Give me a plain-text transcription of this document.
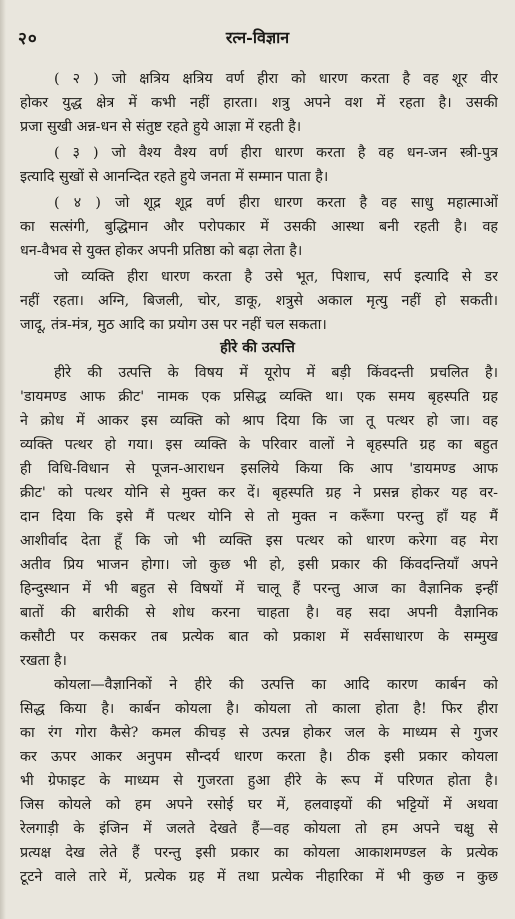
२०	रत्न-विज्ञान
( २ ) जो क्षत्रिय क्षत्रिय वर्ण हीरा को धारण करता है वह शूर वीर
होकर युद्ध क्षेत्र में कभी नहीं हारता। शत्रु अपने वश में रहता है। उसकी
प्रजा सुखी अन्न-धन से संतुष्ट रहते हुये आज्ञा में रहती है।
( ३ ) जो वैश्य वैश्य वर्ण हीरा धारण करता है वह धन-जन स्त्री-पुत्र
इत्यादि सुखों से आनन्दित रहते हुये जनता में सम्मान पाता है।
( ४ ) जो शूद्र शूद्र वर्ण हीरा धारण करता है वह साधु महात्माओं
का सत्संगी, बुद्धिमान और परोपकार में उसकी आस्था बनी रहती है। वह
धन-वैभव से युक्त होकर अपनी प्रतिष्ठा को बढ़ा लेता है।
जो व्यक्ति हीरा धारण करता है उसे भूत, पिशाच, सर्प इत्यादि से डर
नहीं रहता। अग्नि, बिजली, चोर, डाकू, शत्रुसे अकाल मृत्यु नहीं हो सकती।
जादू, तंत्र-मंत्र, मुठ आदि का प्रयोग उस पर नहीं चल सकता।
हीरे की उत्पत्ति
हीरे की उत्पत्ति के विषय में यूरोप में बड़ी किंवदन्ती प्रचलित है।
'डायमण्ड आफ क्रीट' नामक एक प्रसिद्ध व्यक्ति था। एक समय बृहस्पति ग्रह
ने क्रोध में आकर इस व्यक्ति को श्राप दिया कि जा तू पत्थर हो जा। वह
व्यक्ति पत्थर हो गया। इस व्यक्ति के परिवार वालों ने बृहस्पति ग्रह का बहुत
ही विधि-विधान से पूजन-आराधन इसलिये किया कि आप 'डायमण्ड आफ
क्रीट' को पत्थर योनि से मुक्त कर दें। बृहस्पति ग्रह ने प्रसन्न होकर यह वर-
दान दिया कि इसे मैं पत्थर योनि से तो मुक्त न करूँगा परन्तु हाँ यह मैं
आशीर्वाद देता हूँ कि जो भी व्यक्ति इस पत्थर को धारण करेगा वह मेरा
अतीव प्रिय भाजन होगा। जो कुछ भी हो, इसी प्रकार की किंवदन्तियाँ अपने
हिन्दुस्थान में भी बहुत से विषयों में चालू हैं परन्तु आज का वैज्ञानिक इन्हीं
बातों की बारीकी से शोध करना चाहता है। वह सदा अपनी वैज्ञानिक
कसौटी पर कसकर तब प्रत्येक बात को प्रकाश में सर्वसाधारण के सम्मुख
रखता है।
कोयला—वैज्ञानिकों ने हीरे की उत्पत्ति का आदि कारण कार्बन को
सिद्ध किया है। कार्बन कोयला है। कोयला तो काला होता है! फिर हीरा
का रंग गोरा कैसे? कमल कीचड़ से उत्पन्न होकर जल के माध्यम से गुजर
कर ऊपर आकर अनुपम सौन्दर्य धारण करता है। ठीक इसी प्रकार कोयला
भी ग्रेफाइट के माध्यम से गुजरता हुआ हीरे के रूप में परिणत होता है।
जिस कोयले को हम अपने रसोई घर में, हलवाइयों की भट्टियों में अथवा
रेलगाड़ी के इंजिन में जलते देखते हैं—वह कोयला तो हम अपने चक्षु से
प्रत्यक्ष देख लेते हैं परन्तु इसी प्रकार का कोयला आकाशमण्डल के प्रत्येक
टूटने वाले तारे में, प्रत्येक ग्रह में तथा प्रत्येक नीहारिका में भी कुछ न कुछ
